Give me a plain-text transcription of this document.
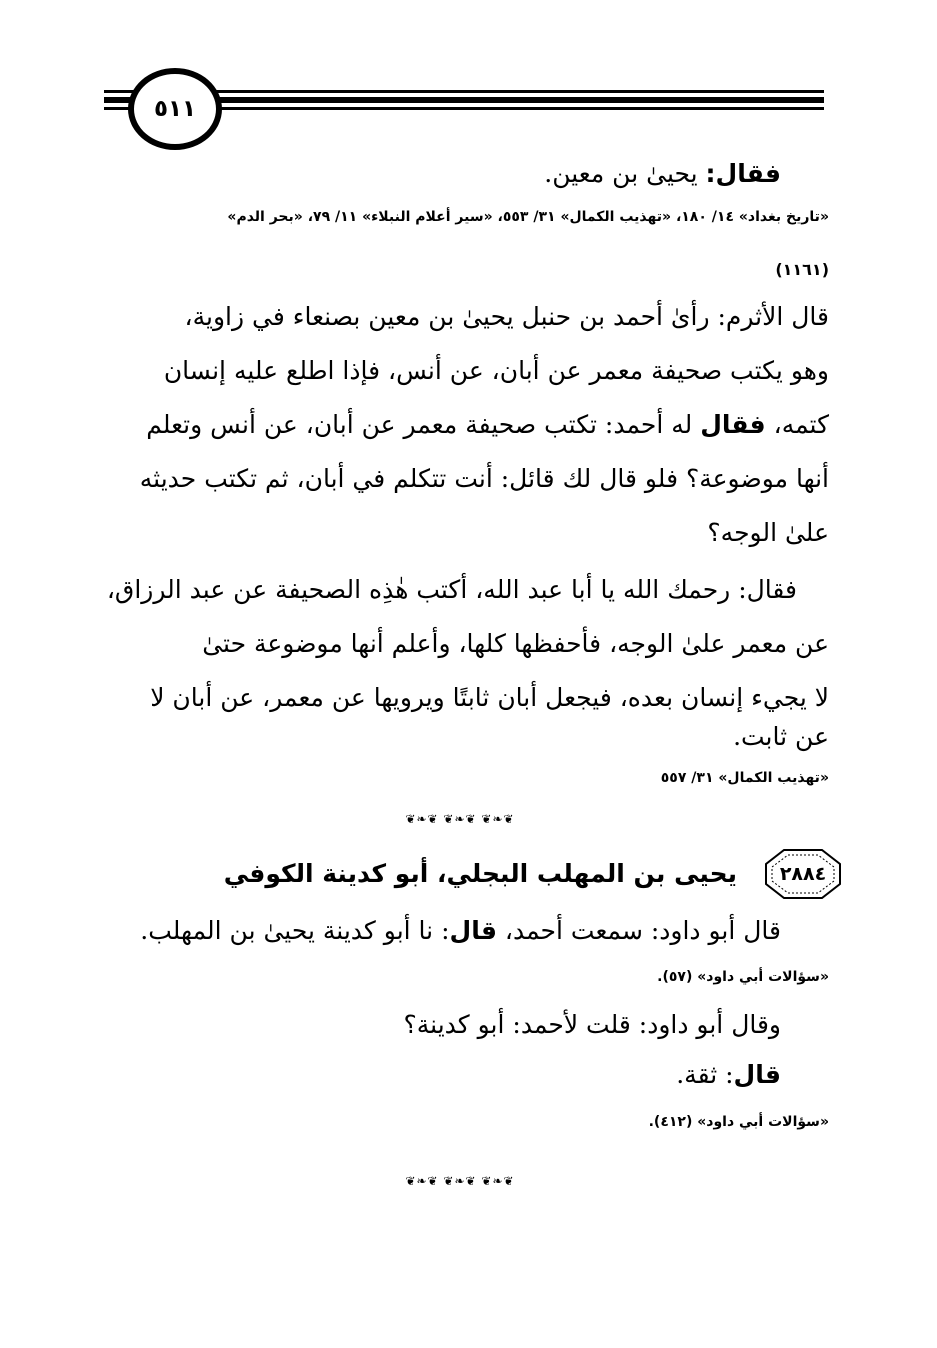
٥١١
فقال: يحيىٰ بن معين.
«تاريخ بغداد» ١٤/ ١٨٠، «تهذيب الكمال» ٣١/ ٥٥٣، «سير أعلام النبلاء» ١١/ ٧٩، «بحر الدم»
(١١٦١)
قال الأثرم: رأىٰ أحمد بن حنبل يحيىٰ بن معين بصنعاء في زاوية،
وهو يكتب صحيفة معمر عن أبان، عن أنس، فإذا اطلع عليه إنسان
كتمه، فقال له أحمد: تكتب صحيفة معمر عن أبان، عن أنس وتعلم
أنها موضوعة؟ فلو قال لك قائل: أنت تتكلم في أبان، ثم تكتب حديثه
علىٰ الوجه؟
فقال: رحمك الله يا أبا عبد الله، أكتب هٰذِه الصحيفة عن عبد الرزاق،
عن معمر علىٰ الوجه، فأحفظها كلها، وأعلم أنها موضوعة حتىٰ
لا يجيء إنسان بعده، فيجعل أبان ثابتًا ويرويها عن معمر، عن أبان لا
عن ثابت.
«تهذيب الكمال» ٣١/ ٥٥٧
❦❧❦ ❦❧❦ ❦❧❦
٢٨٨٤
يحيى بن المهلب البجلي، أبو كدينة الكوفي
قال أبو داود: سمعت أحمد، قال: نا أبو كدينة يحيىٰ بن المهلب.
«سؤالات أبي داود» (٥٧).
وقال أبو داود: قلت لأحمد: أبو كدينة؟
قال: ثقة.
«سؤالات أبي داود» (٤١٢).
❦❧❦ ❦❧❦ ❦❧❦
